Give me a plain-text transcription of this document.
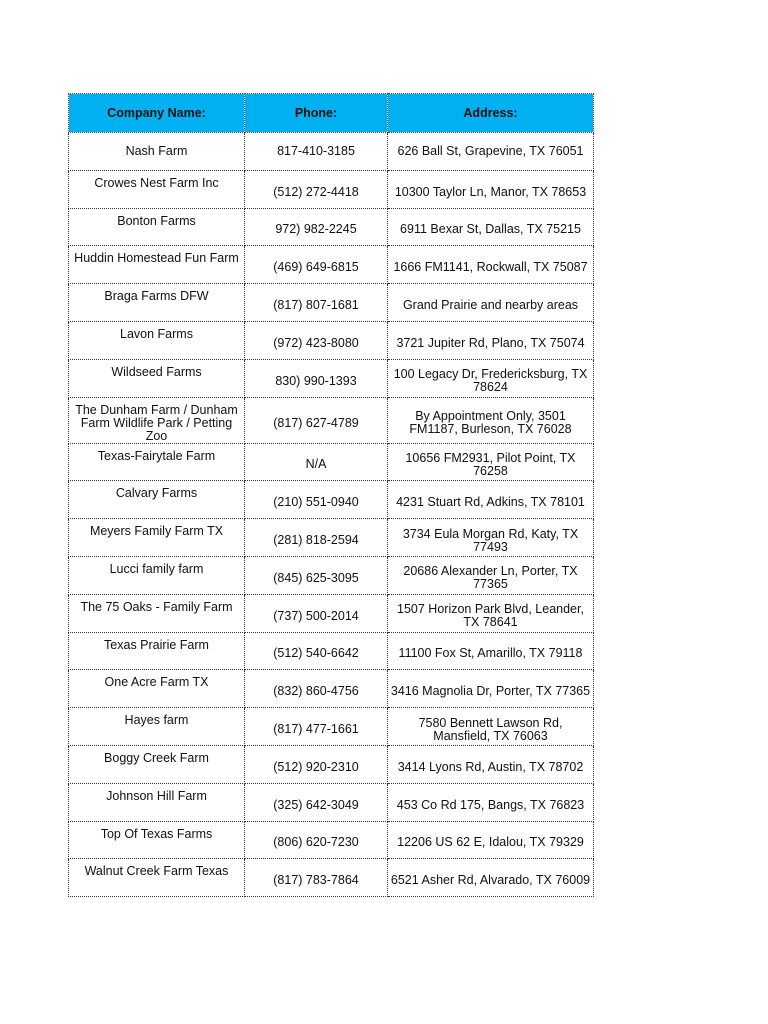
Company Name:	Phone:	Address:
Nash Farm	817-410-3185	626 Ball St, Grapevine, TX 76051
Crowes Nest Farm Inc	(512) 272-4418	10300 Taylor Ln, Manor, TX 78653
Bonton Farms	972) 982-2245	6911 Bexar St, Dallas, TX 75215
Huddin Homestead Fun Farm	(469) 649-6815	1666 FM1141, Rockwall, TX 75087
Braga Farms DFW	(817) 807-1681	Grand Prairie and nearby areas
Lavon Farms	(972) 423-8080	3721 Jupiter Rd, Plano, TX 75074
Wildseed Farms	830) 990-1393	100 Legacy Dr, Fredericksburg, TX 78624
The Dunham Farm / Dunham Farm Wildlife Park / Petting Zoo	(817) 627-4789	By Appointment Only, 3501 FM1187, Burleson, TX 76028
Texas-Fairytale Farm	N/A	10656 FM2931, Pilot Point, TX 76258
Calvary Farms	(210) 551-0940	4231 Stuart Rd, Adkins, TX 78101
Meyers Family Farm TX	(281) 818-2594	3734 Eula Morgan Rd, Katy, TX 77493
Lucci family farm	(845) 625-3095	20686 Alexander Ln, Porter, TX 77365
The 75 Oaks - Family Farm	(737) 500-2014	1507 Horizon Park Blvd, Leander, TX 78641
Texas Prairie Farm	(512) 540-6642	11100 Fox St, Amarillo, TX 79118
One Acre Farm TX	(832) 860-4756	3416 Magnolia Dr, Porter, TX 77365
Hayes farm	(817) 477-1661	7580 Bennett Lawson Rd, Mansfield, TX 76063
Boggy Creek Farm	(512) 920-2310	3414 Lyons Rd, Austin, TX 78702
Johnson Hill Farm	(325) 642-3049	453 Co Rd 175, Bangs, TX 76823
Top Of Texas Farms	(806) 620-7230	12206 US 62 E, Idalou, TX 79329
Walnut Creek Farm Texas	(817) 783-7864	6521 Asher Rd, Alvarado, TX 76009
